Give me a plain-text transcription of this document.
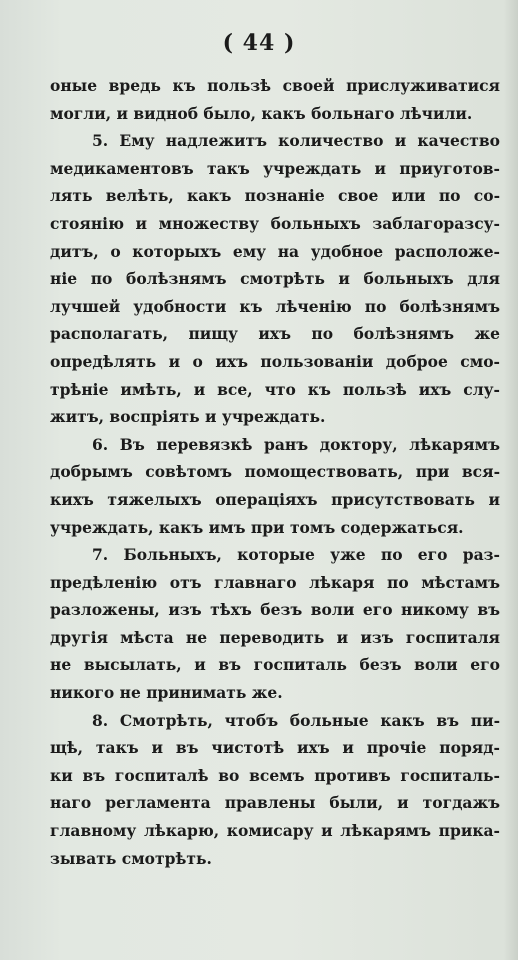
( 44 )
оные вредь къ пользѣ своей прислуживатися
могли, и видноб было, какъ больнаго лѣчили.
5. Ему надлежитъ количество и качество
медикаментовъ такъ учреждать и приуготов-
лять велѣть, какъ познаніе свое или по со-
стоянію и множеству больныхъ заблагоразсу-
дитъ, о которыхъ ему на удобное расположе-
ніе по болѣзнямъ смотрѣть и больныхъ для
лучшей удобности къ лѣченію по болѣзнямъ
располагать, пищу ихъ по болѣзнямъ же
опредѣлять и о ихъ пользованіи доброе смо-
трѣніе имѣть, и все, что къ пользѣ ихъ слу-
житъ, воспріять и учреждать.
6. Въ перевязкѣ ранъ доктору, лѣкарямъ
добрымъ совѣтомъ помоществовать, при вся-
кихъ тяжелыхъ операціяхъ присутствовать и
учреждать, какъ имъ при томъ содержаться.
7. Больныхъ, которые уже по его раз-
предѣленію отъ главнаго лѣкаря по мѣстамъ
разложены, изъ тѣхъ безъ воли его никому въ
другія мѣста не переводить и изъ госпиталя
не высылать, и въ госпиталь безъ воли его
никого не принимать же.
8. Смотрѣть, чтобъ больные какъ въ пи-
щѣ, такъ и въ чистотѣ ихъ и прочіе поряд-
ки въ госпиталѣ во всемъ противъ госпиталь-
наго регламента правлены были, и тогдажъ
главному лѣкарю, комисару и лѣкарямъ прика-
зывать смотрѣть.
